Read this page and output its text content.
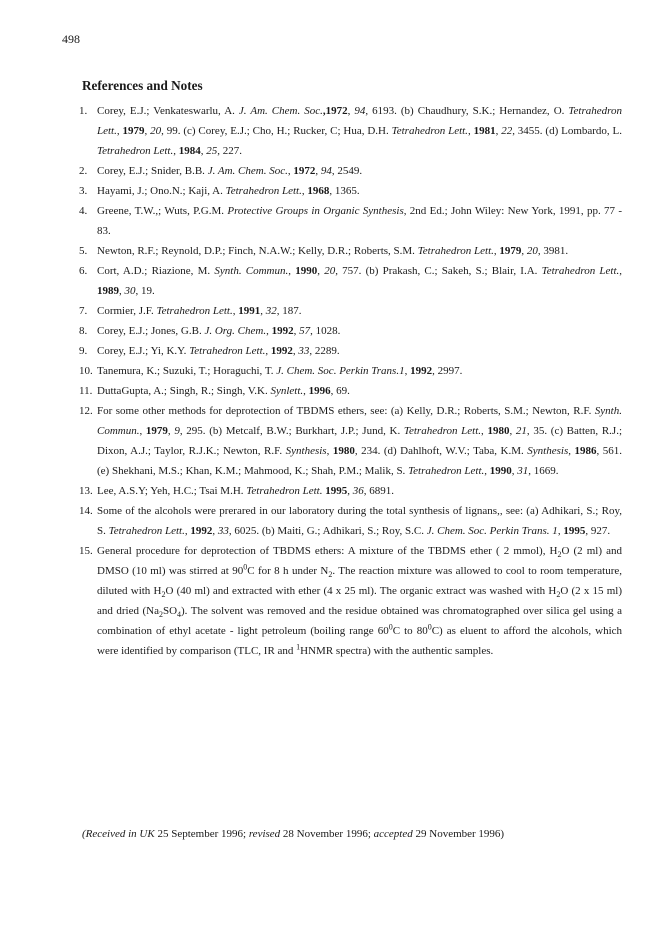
498
References and Notes
1. Corey, E.J.; Venkateswarlu, A. J. Am. Chem. Soc.,1972, 94, 6193. (b) Chaudhury, S.K.; Hernandez, O. Tetrahedron Lett., 1979, 20, 99. (c) Corey, E.J.; Cho, H.; Rucker, C; Hua, D.H. Tetrahedron Lett., 1981, 22, 3455. (d) Lombardo, L. Tetrahedron Lett., 1984, 25, 227.
2. Corey, E.J.; Snider, B.B. J. Am. Chem. Soc., 1972, 94, 2549.
3. Hayami, J.; Ono.N.; Kaji, A. Tetrahedron Lett., 1968, 1365.
4. Greene, T.W.,; Wuts, P.G.M. Protective Groups in Organic Synthesis, 2nd Ed.; John Wiley: New York, 1991, pp. 77 - 83.
5. Newton, R.F.; Reynold, D.P.; Finch, N.A.W.; Kelly, D.R.; Roberts, S.M. Tetrahedron Lett., 1979, 20, 3981.
6. Cort, A.D.; Riazione, M. Synth. Commun., 1990, 20, 757. (b) Prakash, C.; Sakeh, S.; Blair, I.A. Tetrahedron Lett., 1989, 30, 19.
7. Cormier, J.F. Tetrahedron Lett., 1991, 32, 187.
8. Corey, E.J.; Jones, G.B. J. Org. Chem., 1992, 57, 1028.
9. Corey, E.J.; Yi, K.Y. Tetrahedron Lett., 1992, 33, 2289.
10. Tanemura, K.; Suzuki, T.; Horaguchi, T. J. Chem. Soc. Perkin Trans.1, 1992, 2997.
11. DuttaGupta, A.; Singh, R.; Singh, V.K. Synlett., 1996, 69.
12. For some other methods for deprotection of TBDMS ethers, see: (a) Kelly, D.R.; Roberts, S.M.; Newton, R.F. Synth. Commun., 1979, 9, 295. (b) Metcalf, B.W.; Burkhart, J.P.; Jund, K. Tetrahedron Lett., 1980, 21, 35. (c) Batten, R.J.; Dixon, A.J.; Taylor, R.J.K.; Newton, R.F. Synthesis, 1980, 234. (d) Dahlhoft, W.V.; Taba, K.M. Synthesis, 1986, 561. (e) Shekhani, M.S.; Khan, K.M.; Mahmood, K.; Shah, P.M.; Malik, S. Tetrahedron Lett., 1990, 31, 1669.
13. Lee, A.S.Y; Yeh, H.C.; Tsai M.H. Tetrahedron Lett. 1995, 36, 6891.
14. Some of the alcohols were prerared in our laboratory during the total synthesis of lignans,, see: (a) Adhikari, S.; Roy, S. Tetrahedron Lett., 1992, 33, 6025. (b) Maiti, G.; Adhikari, S.; Roy, S.C. J. Chem. Soc. Perkin Trans. 1, 1995, 927.
15. General procedure for deprotection of TBDMS ethers: A mixture of the TBDMS ether ( 2 mmol), $H_2O$ (2 ml) and DMSO (10 ml) was stirred at $90^0C$ for 8 h under $N_2$. The reaction mixture was allowed to cool to room temperature, diluted with $H_2O$ (40 ml) and extracted with ether (4 x 25 ml). The organic extract was washed with $H_2O$ (2 x 15 ml) and dried $(Na_2SO_4)$. The solvent was removed and the residue obtained was chromatographed over silica gel using a combination of ethyl acetate - light petroleum (boiling range $60^0C$ to $80^0C$) as eluent to afford the alcohols, which were identified by comparison (TLC, IR and $^1$HNMR spectra) with the authentic samples.
(Received in UK 25 September 1996; revised 28 November 1996; accepted 29 November 1996)
